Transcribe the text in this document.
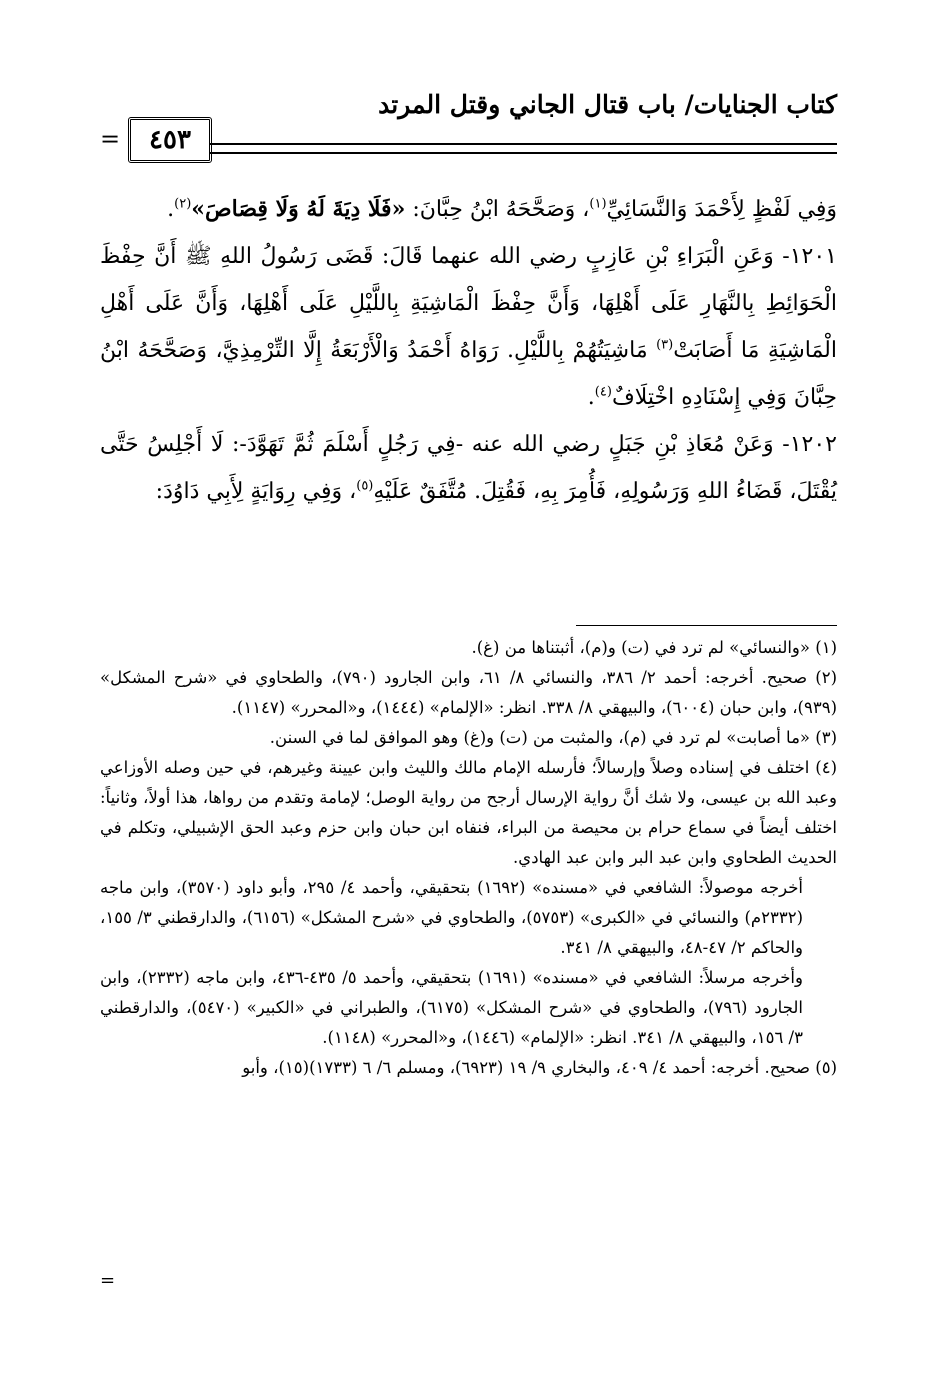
كتاب الجنايات/ باب قتال الجاني وقتل المرتد
٤٥٣
=

وَفِي لَفْظٍ لِأَحْمَدَ وَالنَّسَائِيِّ$^{(١)}$، وَصَحَّحَهُ ابْنُ حِبَّانَ: «فَلَا دِيَةَ لَهُ وَلَا قِصَاصَ»$^{(٢)}$.

١٢٠١- وَعَنِ الْبَرَاءِ بْنِ عَازِبٍ رضي الله عنهما قَالَ: قَضَى رَسُولُ اللهِ ﷺ أَنَّ حِفْظَ الْحَوَائِطِ بِالنَّهَارِ عَلَى أَهْلِهَا، وَأَنَّ حِفْظَ الْمَاشِيَةِ بِاللَّيْلِ عَلَى أَهْلِهَا، وَأَنَّ عَلَى أَهْلِ الْمَاشِيَةِ مَا أَصَابَتْ$^{(٣)}$ مَاشِيَتُهُمْ بِاللَّيْلِ. رَوَاهُ أَحْمَدُ وَالْأَرْبَعَةُ إِلَّا التِّرْمِذِيَّ، وَصَحَّحَهُ ابْنُ حِبَّانَ وَفِي إِسْنَادِهِ اخْتِلَافٌ$^{(٤)}$.

١٢٠٢- وَعَنْ مُعَاذِ بْنِ جَبَلٍ رضي الله عنه -فِي رَجُلٍ أَسْلَمَ ثُمَّ تَهَوَّدَ-: لَا أَجْلِسُ حَتَّى يُقْتَلَ، قَضَاءُ اللهِ وَرَسُولِهِ، فَأُمِرَ بِهِ، فَقُتِلَ. مُتَّفَقٌ عَلَيْهِ$^{(٥)}$، وَفِي رِوَايَةٍ لِأَبِي دَاوُدَ:

(١) «والنسائي» لم ترد في (ت) و(م)، أثبتناها من (غ).

(٢) صحيح. أخرجه: أحمد ٢/ ٣٨٦، والنسائي ٨/ ٦١، وابن الجارود (٧٩٠)، والطحاوي في «شرح المشكل» (٩٣٩)، وابن حبان (٦٠٠٤)، والبيهقي ٨/ ٣٣٨. انظر: «الإلمام» (١٤٤٤)، و«المحرر» (١١٤٧).

(٣) «ما أصابت» لم ترد في (م)، والمثبت من (ت) و(غ) وهو الموافق لما في السنن.

(٤) اختلف في إسناده وصلاً وإرسالاً؛ فأرسله الإمام مالك والليث وابن عيينة وغيرهم، في حين وصله الأوزاعي وعبد الله بن عيسى، ولا شك أنَّ رواية الإرسال أرجح من رواية الوصل؛ لإمامة وتقدم من رواها، هذا أولاً، وثانياً: اختلف أيضاً في سماع حرام بن محيصة من البراء، فنفاه ابن حبان وابن حزم وعبد الحق الإشبيلي، وتكلم في الحديث الطحاوي وابن عبد البر وابن عبد الهادي.

أخرجه موصولاً: الشافعي في «مسنده» (١٦٩٢) بتحقيقي، وأحمد ٤/ ٢٩٥، وأبو داود (٣٥٧٠)، وابن ماجه (٢٣٣٢م) والنسائي في «الكبرى» (٥٧٥٣)، والطحاوي في «شرح المشكل» (٦١٥٦)، والدارقطني ٣/ ١٥٥، والحاكم ٢/ ٤٧-٤٨، والبيهقي ٨/ ٣٤١.

وأخرجه مرسلاً: الشافعي في «مسنده» (١٦٩١) بتحقيقي، وأحمد ٥/ ٤٣٥-٤٣٦، وابن ماجه (٢٣٣٢)، وابن الجارود (٧٩٦)، والطحاوي في «شرح المشكل» (٦١٧٥)، والطبراني في «الكبير» (٥٤٧٠)، والدارقطني ٣/ ١٥٦، والبيهقي ٨/ ٣٤١. انظر: «الإلمام» (١٤٤٦)، و«المحرر» (١١٤٨).

(٥) صحيح. أخرجه: أحمد ٤/ ٤٠٩، والبخاري ٩/ ١٩ (٦٩٢٣)، ومسلم ٦/ ٦ (١٧٣٣)(١٥)، وأبو

=
